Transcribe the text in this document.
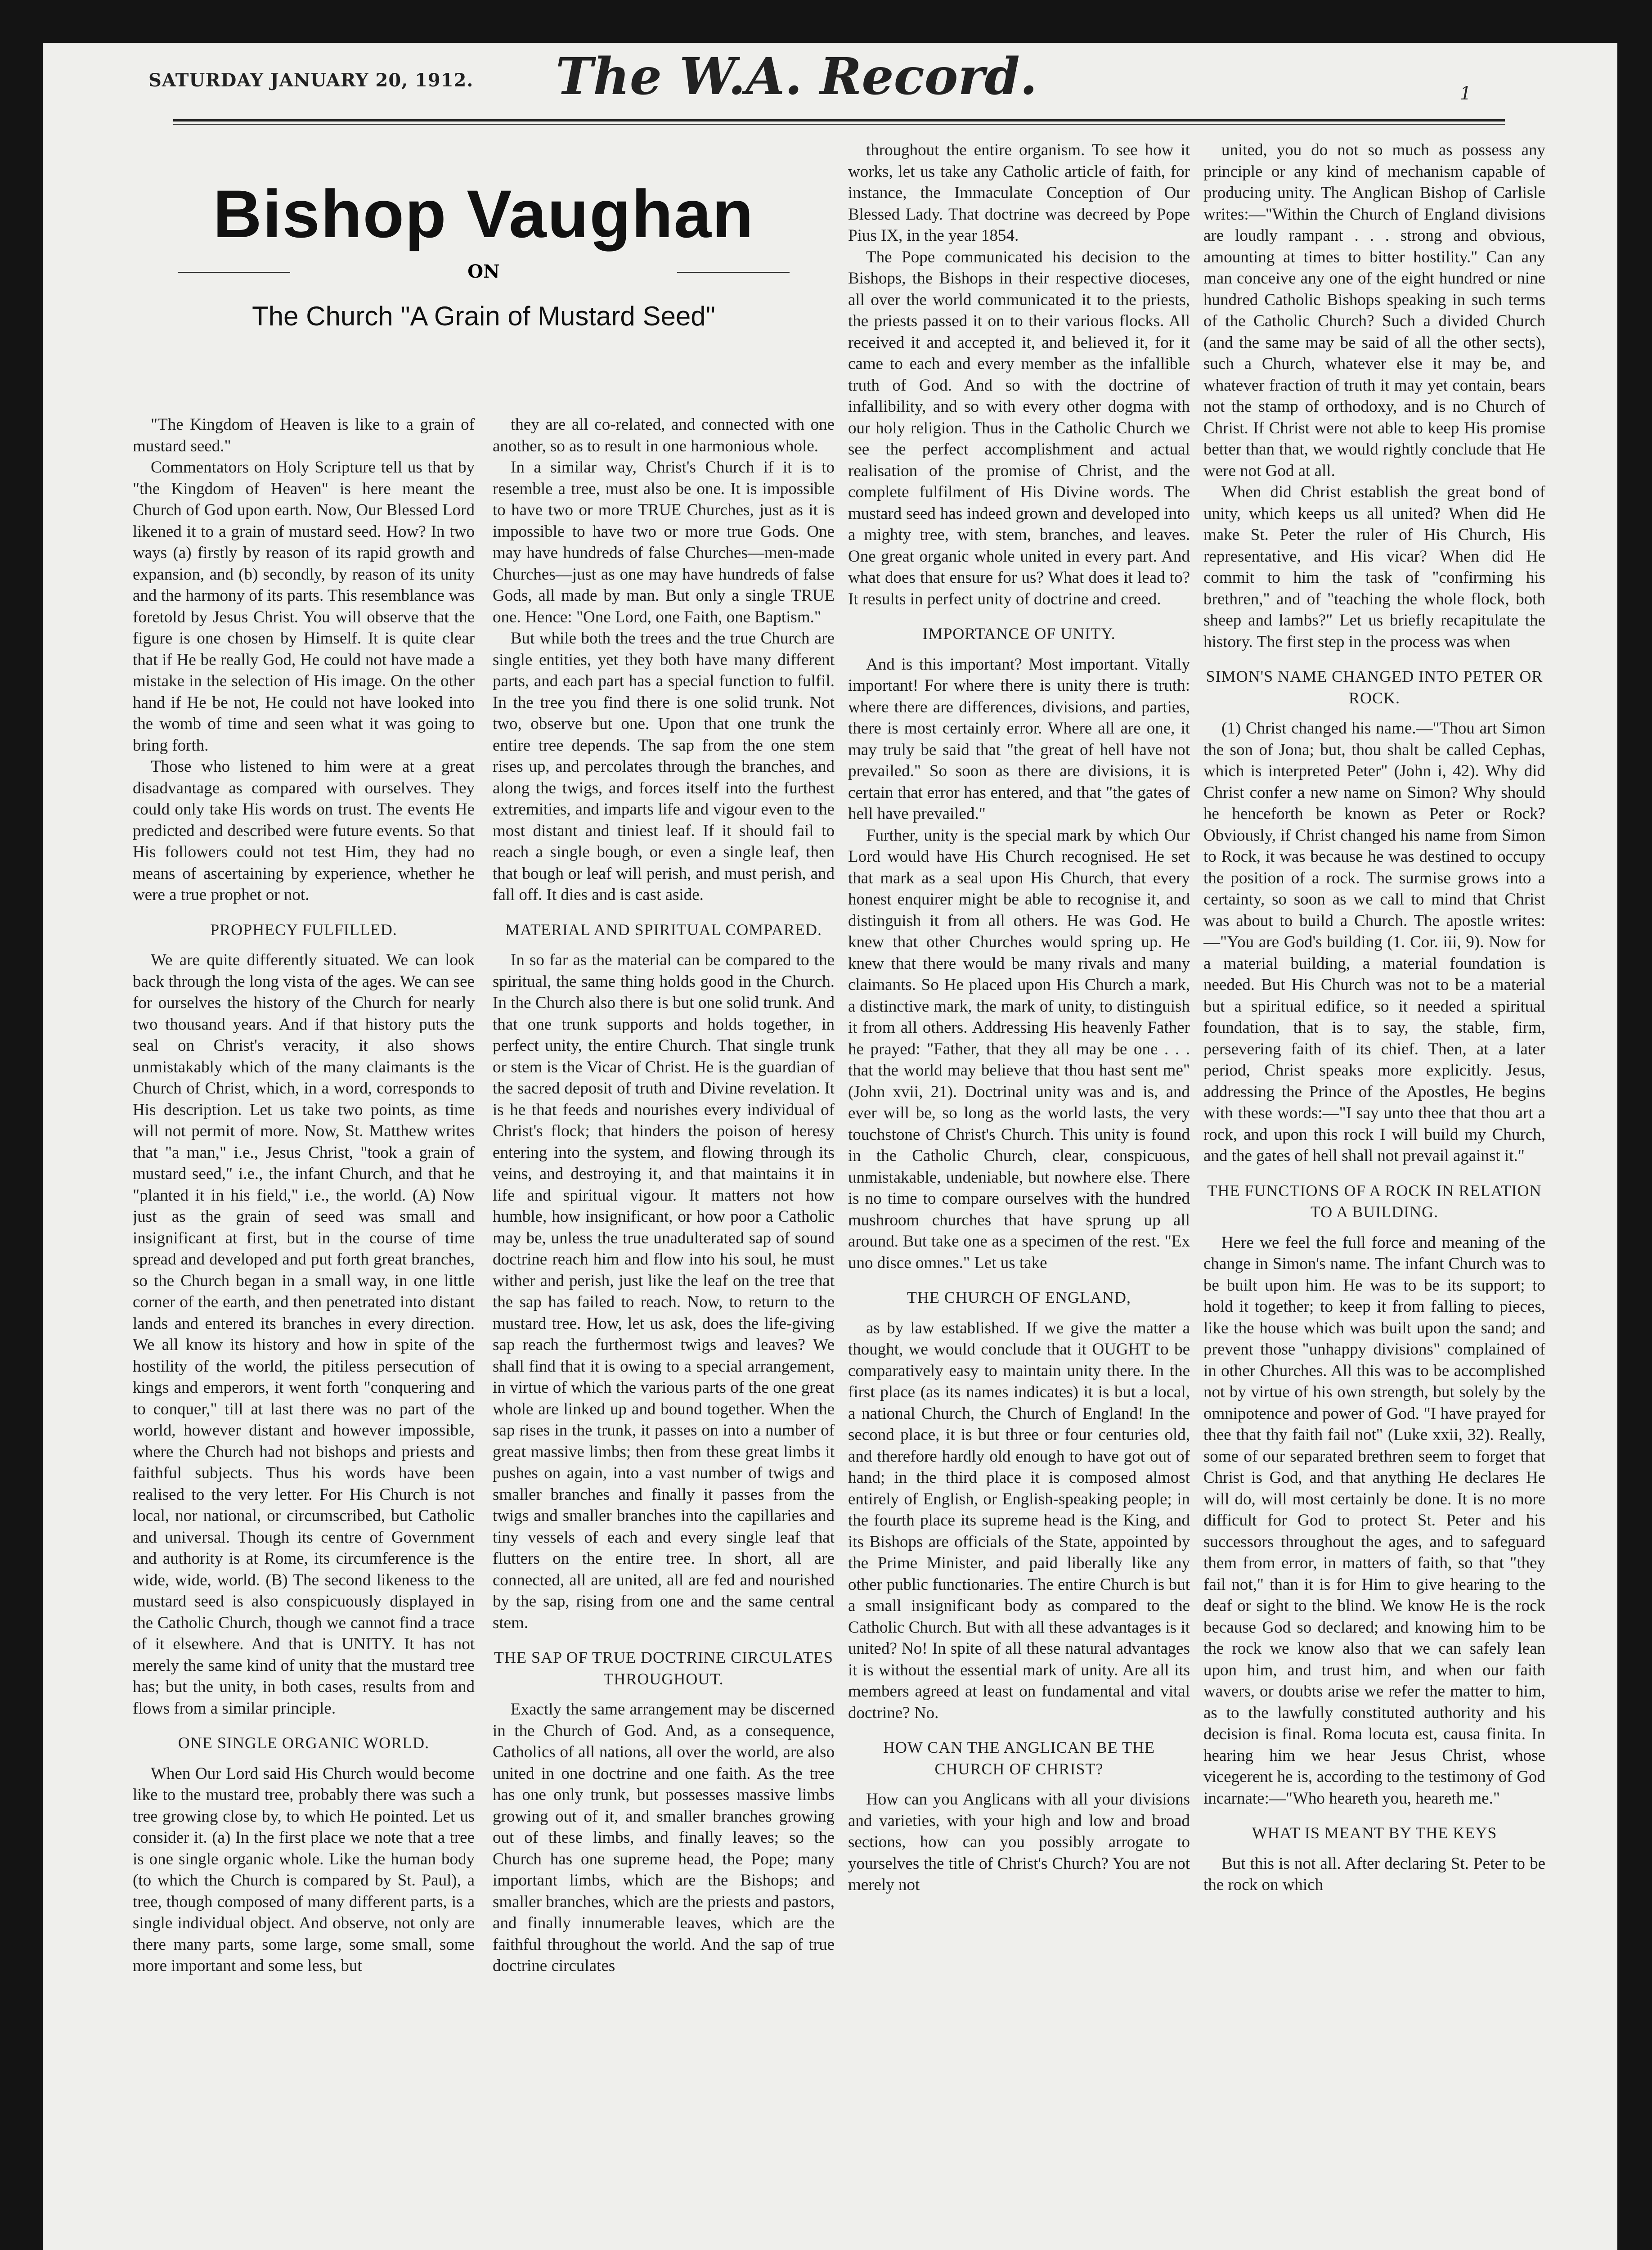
SATURDAY JANUARY 20, 1912. The W.A. Record.	1
Bishop Vaughan
ON
The Church "A Grain of Mustard Seed"

"The Kingdom of Heaven is like to a grain of mustard seed."

Commentators on Holy Scripture tell us that by "the Kingdom of Heaven" is here meant the Church of God upon earth. Now, Our Blessed Lord likened it to a grain of mustard seed. How? In two ways (a) firstly by reason of its rapid growth and expansion, and (b) secondly, by reason of its unity and the harmony of its parts. This resemblance was foretold by Jesus Christ. You will observe that the figure is one chosen by Himself. It is quite clear that if He be really God, He could not have made a mistake in the selection of His image. On the other hand if He be not, He could not have looked into the womb of time and seen what it was going to bring forth.

Those who listened to him were at a great disadvantage as compared with ourselves. They could only take His words on trust. The events He predicted and described were future events. So that His followers could not test Him, they had no means of ascertaining by experience, whether he were a true prophet or not.

PROPHECY FULFILLED.

We are quite differently situated. We can look back through the long vista of the ages. We can see for ourselves the history of the Church for nearly two thousand years. And if that history puts the seal on Christ's veracity, it also shows unmistakably which of the many claimants is the Church of Christ, which, in a word, corresponds to His description. Let us take two points, as time will not permit of more. Now, St. Matthew writes that "a man," i.e., Jesus Christ, "took a grain of mustard seed," i.e., the infant Church, and that he "planted it in his field," i.e., the world. (A) Now just as the grain of seed was small and insignificant at first, but in the course of time spread and developed and put forth great branches, so the Church began in a small way, in one little corner of the earth, and then penetrated into distant lands and entered its branches in every direction. We all know its history and how in spite of the hostility of the world, the pitiless persecution of kings and emperors, it went forth "conquering and to conquer," till at last there was no part of the world, however distant and however impossible, where the Church had not bishops and priests and faithful subjects. Thus his words have been realised to the very letter. For His Church is not local, nor national, or circumscribed, but Catholic and universal. Though its centre of Government and authority is at Rome, its circumference is the wide, wide, world. (B) The second likeness to the mustard seed is also conspicuously displayed in the Catholic Church, though we cannot find a trace of it elsewhere. And that is UNITY. It has not merely the same kind of unity that the mustard tree has; but the unity, in both cases, results from and flows from a similar principle.

ONE SINGLE ORGANIC WORLD.

When Our Lord said His Church would become like to the mustard tree, probably there was such a tree growing close by, to which He pointed. Let us consider it. (a) In the first place we note that a tree is one single organic whole. Like the human body (to which the Church is compared by St. Paul), a tree, though composed of many different parts, is a single individual object. And observe, not only are there many parts, some large, some small, some more important and some less, but

they are all co-related, and connected with one another, so as to result in one harmonious whole.

In a similar way, Christ's Church if it is to resemble a tree, must also be one. It is impossible to have two or more TRUE Churches, just as it is impossible to have two or more true Gods. One may have hundreds of false Churches—men-made Churches—just as one may have hundreds of false Gods, all made by man. But only a single TRUE one. Hence: "One Lord, one Faith, one Baptism."

But while both the trees and the true Church are single entities, yet they both have many different parts, and each part has a special function to fulfil. In the tree you find there is one solid trunk. Not two, observe but one. Upon that one trunk the entire tree depends. The sap from the one stem rises up, and percolates through the branches, and along the twigs, and forces itself into the furthest extremities, and imparts life and vigour even to the most distant and tiniest leaf. If it should fail to reach a single bough, or even a single leaf, then that bough or leaf will perish, and must perish, and fall off. It dies and is cast aside.

MATERIAL AND SPIRITUAL COMPARED.

In so far as the material can be compared to the spiritual, the same thing holds good in the Church. In the Church also there is but one solid trunk. And that one trunk supports and holds together, in perfect unity, the entire Church. That single trunk or stem is the Vicar of Christ. He is the guardian of the sacred deposit of truth and Divine revelation. It is he that feeds and nourishes every individual of Christ's flock; that hinders the poison of heresy entering into the system, and flowing through its veins, and destroying it, and that maintains it in life and spiritual vigour. It matters not how humble, how insignificant, or how poor a Catholic may be, unless the true unadulterated sap of sound doctrine reach him and flow into his soul, he must wither and perish, just like the leaf on the tree that the sap has failed to reach. Now, to return to the mustard tree. How, let us ask, does the life-giving sap reach the furthermost twigs and leaves? We shall find that it is owing to a special arrangement, in virtue of which the various parts of the one great whole are linked up and bound together. When the sap rises in the trunk, it passes on into a number of great massive limbs; then from these great limbs it pushes on again, into a vast number of twigs and smaller branches and finally it passes from the twigs and smaller branches into the capillaries and tiny vessels of each and every single leaf that flutters on the entire tree. In short, all are connected, all are united, all are fed and nourished by the sap, rising from one and the same central stem.

THE SAP OF TRUE DOCTRINE CIRCULATES THROUGHOUT.

Exactly the same arrangement may be discerned in the Church of God. And, as a consequence, Catholics of all nations, all over the world, are also united in one doctrine and one faith. As the tree has one only trunk, but possesses massive limbs growing out of it, and smaller branches growing out of these limbs, and finally leaves; so the Church has one supreme head, the Pope; many important limbs, which are the Bishops; and smaller branches, which are the priests and pastors, and finally innumerable leaves, which are the faithful throughout the world. And the sap of true doctrine circulates

throughout the entire organism. To see how it works, let us take any Catholic article of faith, for instance, the Immaculate Conception of Our Blessed Lady. That doctrine was decreed by Pope Pius IX, in the year 1854.

The Pope communicated his decision to the Bishops, the Bishops in their respective dioceses, all over the world communicated it to the priests, the priests passed it on to their various flocks. All received it and accepted it, and believed it, for it came to each and every member as the infallible truth of God. And so with the doctrine of infallibility, and so with every other dogma with our holy religion. Thus in the Catholic Church we see the perfect accomplishment and actual realisation of the promise of Christ, and the complete fulfilment of His Divine words. The mustard seed has indeed grown and developed into a mighty tree, with stem, branches, and leaves. One great organic whole united in every part. And what does that ensure for us? What does it lead to? It results in perfect unity of doctrine and creed.

IMPORTANCE OF UNITY.

And is this important? Most important. Vitally important! For where there is unity there is truth: where there are differences, divisions, and parties, there is most certainly error. Where all are one, it may truly be said that "the great of hell have not prevailed." So soon as there are divisions, it is certain that error has entered, and that "the gates of hell have prevailed."

Further, unity is the special mark by which Our Lord would have His Church recognised. He set that mark as a seal upon His Church, that every honest enquirer might be able to recognise it, and distinguish it from all others. He was God. He knew that other Churches would spring up. He knew that there would be many rivals and many claimants. So He placed upon His Church a mark, a distinctive mark, the mark of unity, to distinguish it from all others. Addressing His heavenly Father he prayed: "Father, that they all may be one . . . that the world may believe that thou hast sent me" (John xvii, 21). Doctrinal unity was and is, and ever will be, so long as the world lasts, the very touchstone of Christ's Church. This unity is found in the Catholic Church, clear, conspicuous, unmistakable, undeniable, but nowhere else. There is no time to compare ourselves with the hundred mushroom churches that have sprung up all around. But take one as a specimen of the rest. "Ex uno disce omnes." Let us take

THE CHURCH OF ENGLAND,

as by law established. If we give the matter a thought, we would conclude that it OUGHT to be comparatively easy to maintain unity there. In the first place (as its names indicates) it is but a local, a national Church, the Church of England! In the second place, it is but three or four centuries old, and therefore hardly old enough to have got out of hand; in the third place it is composed almost entirely of English, or English-speaking people; in the fourth place its supreme head is the King, and its Bishops are officials of the State, appointed by the Prime Minister, and paid liberally like any other public functionaries. The entire Church is but a small insignificant body as compared to the Catholic Church. But with all these advantages is it united? No! In spite of all these natural advantages it is without the essential mark of unity. Are all its members agreed at least on fundamental and vital doctrine? No.

HOW CAN THE ANGLICAN BE THE CHURCH OF CHRIST?

How can you Anglicans with all your divisions and varieties, with your high and low and broad sections, how can you possibly arrogate to yourselves the title of Christ's Church? You are not merely not

united, you do not so much as possess any principle or any kind of mechanism capable of producing unity. The Anglican Bishop of Carlisle writes:—"Within the Church of England divisions are loudly rampant . . . strong and obvious, amounting at times to bitter hostility." Can any man conceive any one of the eight hundred or nine hundred Catholic Bishops speaking in such terms of the Catholic Church? Such a divided Church (and the same may be said of all the other sects), such a Church, whatever else it may be, and whatever fraction of truth it may yet contain, bears not the stamp of orthodoxy, and is no Church of Christ. If Christ were not able to keep His promise better than that, we would rightly conclude that He were not God at all.

When did Christ establish the great bond of unity, which keeps us all united? When did He make St. Peter the ruler of His Church, His representative, and His vicar? When did He commit to him the task of "confirming his brethren," and of "teaching the whole flock, both sheep and lambs?" Let us briefly recapitulate the history. The first step in the process was when

SIMON'S NAME CHANGED INTO PETER OR ROCK.

(1) Christ changed his name.—"Thou art Simon the son of Jona; but, thou shalt be called Cephas, which is interpreted Peter" (John i, 42). Why did Christ confer a new name on Simon? Why should he henceforth be known as Peter or Rock? Obviously, if Christ changed his name from Simon to Rock, it was because he was destined to occupy the position of a rock. The surmise grows into a certainty, so soon as we call to mind that Christ was about to build a Church. The apostle writes:—"You are God's building (1. Cor. iii, 9). Now for a material building, a material foundation is needed. But His Church was not to be a material but a spiritual edifice, so it needed a spiritual foundation, that is to say, the stable, firm, persevering faith of its chief. Then, at a later period, Christ speaks more explicitly. Jesus, addressing the Prince of the Apostles, He begins with these words:—"I say unto thee that thou art a rock, and upon this rock I will build my Church, and the gates of hell shall not prevail against it."

THE FUNCTIONS OF A ROCK IN RELATION TO A BUILDING.

Here we feel the full force and meaning of the change in Simon's name. The infant Church was to be built upon him. He was to be its support; to hold it together; to keep it from falling to pieces, like the house which was built upon the sand; and prevent those "unhappy divisions" complained of in other Churches. All this was to be accomplished not by virtue of his own strength, but solely by the omnipotence and power of God. "I have prayed for thee that thy faith fail not" (Luke xxii, 32). Really, some of our separated brethren seem to forget that Christ is God, and that anything He declares He will do, will most certainly be done. It is no more difficult for God to protect St. Peter and his successors throughout the ages, and to safeguard them from error, in matters of faith, so that "they fail not," than it is for Him to give hearing to the deaf or sight to the blind. We know He is the rock because God so declared; and knowing him to be the rock we know also that we can safely lean upon him, and trust him, and when our faith wavers, or doubts arise we refer the matter to him, as to the lawfully constituted authority and his decision is final. Roma locuta est, causa finita. In hearing him we hear Jesus Christ, whose vicegerent he is, according to the testimony of God incarnate:—"Who heareth you, heareth me."

WHAT IS MEANT BY THE KEYS

But this is not all. After declaring St. Peter to be the rock on which
